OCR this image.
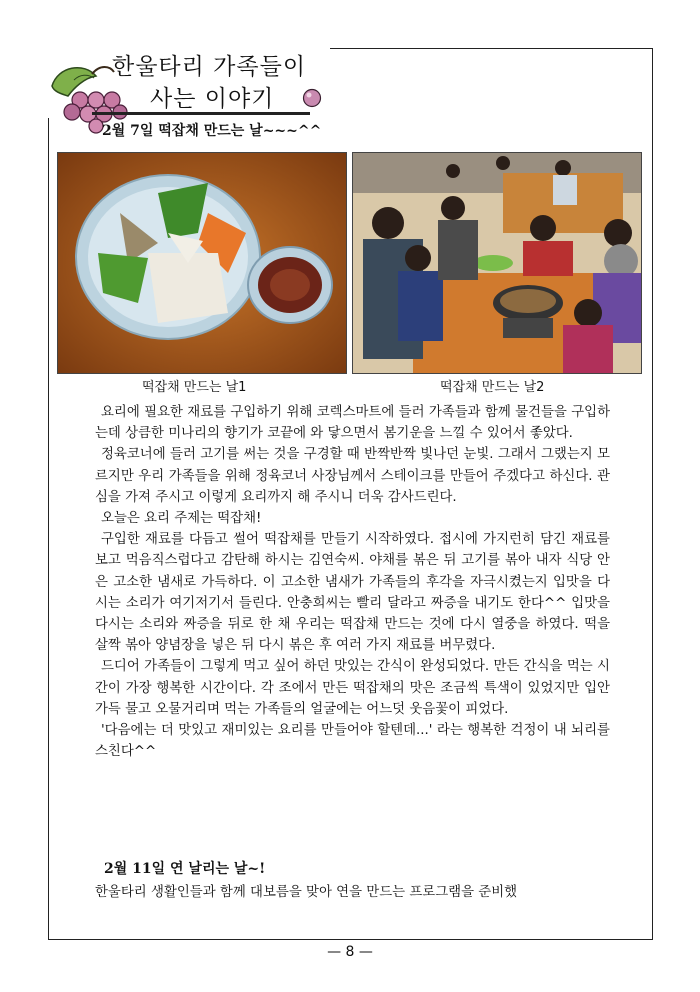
한울타리 가족들이
사는 이야기
2월 7일 떡잡채 만드는 날~~~^^
떡잡채 만드는 날1	떡잡채 만드는 날2

요리에 필요한 재료를 구입하기 위해 코렉스마트에 들러 가족들과 함께 물건들을 구입하는데 상큼한 미나리의 향기가 코끝에 와 닿으면서 봄기운을 느낄 수 있어서 좋았다.

정육코너에 들러 고기를 써는 것을 구경할 때 반짝반짝 빛나던 눈빛. 그래서 그랬는지 모르지만 우리 가족들을 위해 정육코너 사장님께서 스테이크를 만들어 주겠다고 하신다. 관심을 가져 주시고 이렇게 요리까지 해 주시니 더욱 감사드린다.

오늘은 요리 주제는 떡잡채!

구입한 재료를 다듬고 썰어 떡잡채를 만들기 시작하였다. 접시에 가지런히 담긴 재료를 보고 먹음직스럽다고 감탄해 하시는 김연숙씨. 야채를 볶은 뒤 고기를 볶아 내자 식당 안은 고소한 냄새로 가득하다. 이 고소한 냄새가 가족들의 후각을 자극시켰는지 입맛을 다시는 소리가 여기저기서 들린다. 안충희씨는 빨리 달라고 짜증을 내기도 한다^^ 입맛을 다시는 소리와 짜증을 뒤로 한 채 우리는 떡잡채 만드는 것에 다시 열중을 하였다. 떡을 살짝 볶아 양념장을 넣은 뒤 다시 볶은 후 여러 가지 재료를 버무렸다.

드디어 가족들이 그렇게 먹고 싶어 하던 맛있는 간식이 완성되었다. 만든 간식을 먹는 시간이 가장 행복한 시간이다. 각 조에서 만든 떡잡채의 맛은 조금씩 특색이 있었지만 입안 가득 물고 오물거리며 먹는 가족들의 얼굴에는 어느덧 웃음꽃이 피었다.

'다음에는 더 맛있고 재미있는 요리를 만들어야 할텐데...' 라는 행복한 걱정이 내 뇌리를 스친다^^

2월 11일 연 날리는 날~!
한울타리 생활인들과 함께 대보름을 맞아 연을 만드는 프로그램을 준비했
— 8 —
